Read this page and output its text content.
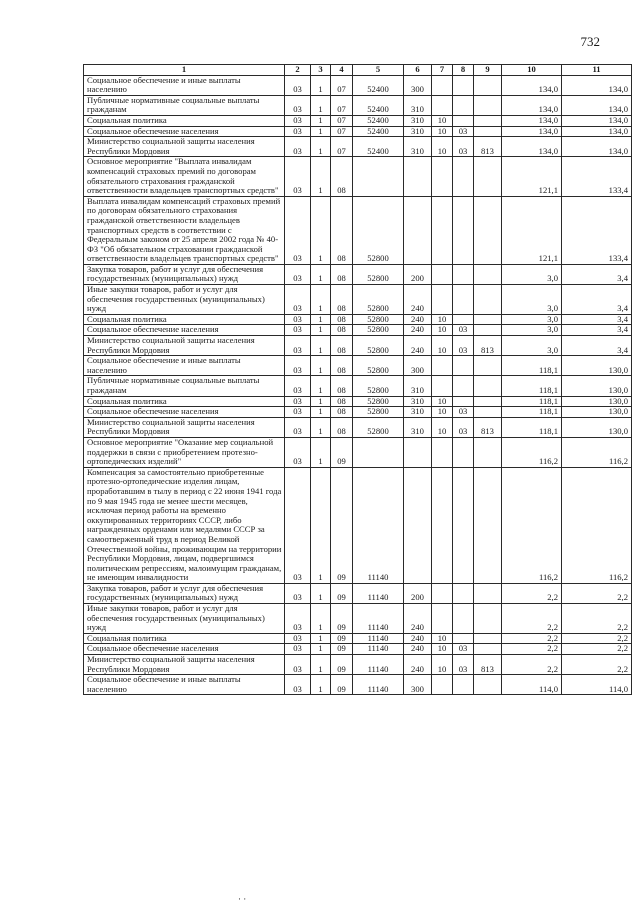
732
1	2	3	4	5	6	7	8	9	10	11
Социальное обеспечение и иные выплаты населению	03	1	07	52400	300				134,0	134,0
Публичные нормативные социальные выплаты гражданам	03	1	07	52400	310				134,0	134,0
Социальная политика	03	1	07	52400	310	10			134,0	134,0
Социальное обеспечение населения	03	1	07	52400	310	10	03		134,0	134,0
Министерство социальной защиты населения Республики Мордовия	03	1	07	52400	310	10	03	813	134,0	134,0
Основное мероприятие "Выплата инвалидам компенсаций страховых премий по договорам обязательного страхования гражданской ответственности владельцев транспортных средств"	03	1	08						121,1	133,4
Выплата инвалидам компенсаций страховых премий по договорам обязательного страхования гражданской ответственности владельцев транспортных средств в соответствии с Федеральным законом от 25 апреля 2002 года № 40-ФЗ "Об обязательном страховании гражданской ответственности владельцев транспортных средств"	03	1	08	52800					121,1	133,4
Закупка товаров, работ и услуг для обеспечения государственных (муниципальных) нужд	03	1	08	52800	200				3,0	3,4
Иные закупки товаров, работ и услуг для обеспечения государственных (муниципальных) нужд	03	1	08	52800	240				3,0	3,4
Социальная политика	03	1	08	52800	240	10			3,0	3,4
Социальное обеспечение населения	03	1	08	52800	240	10	03		3,0	3,4
Министерство социальной защиты населения Республики Мордовия	03	1	08	52800	240	10	03	813	3,0	3,4
Социальное обеспечение и иные выплаты населению	03	1	08	52800	300				118,1	130,0
Публичные нормативные социальные выплаты гражданам	03	1	08	52800	310				118,1	130,0
Социальная политика	03	1	08	52800	310	10			118,1	130,0
Социальное обеспечение населения	03	1	08	52800	310	10	03		118,1	130,0
Министерство социальной защиты населения Республики Мордовия	03	1	08	52800	310	10	03	813	118,1	130,0
Основное мероприятие "Оказание мер социальной поддержки в связи с приобретением протезно-ортопедических изделий"	03	1	09						116,2	116,2
Компенсация за самостоятельно приобретенные протезно-ортопедические изделия лицам, проработавшим в тылу в период с 22 июня 1941 года по 9 мая 1945 года не менее шести месяцев, исключая период работы на временно оккупированных территориях СССР, либо награжденных орденами или медалями СССР за самоотверженный труд в период Великой Отечественной войны, проживающим на территории Республики Мордовия, лицам, подвергшимся политическим репрессиям, малоимущим гражданам, не имеющим инвалидности	03	1	09	11140					116,2	116,2
Закупка товаров, работ и услуг для обеспечения государственных (муниципальных) нужд	03	1	09	11140	200				2,2	2,2
Иные закупки товаров, работ и услуг для обеспечения государственных (муниципальных) нужд	03	1	09	11140	240				2,2	2,2
Социальная политика	03	1	09	11140	240	10			2,2	2,2
Социальное обеспечение населения	03	1	09	11140	240	10	03		2,2	2,2
Министерство социальной защиты населения Республики Мордовия	03	1	09	11140	240	10	03	813	2,2	2,2
Социальное обеспечение и иные выплаты населению	03	1	09	11140	300				114,0	114,0
· ·
